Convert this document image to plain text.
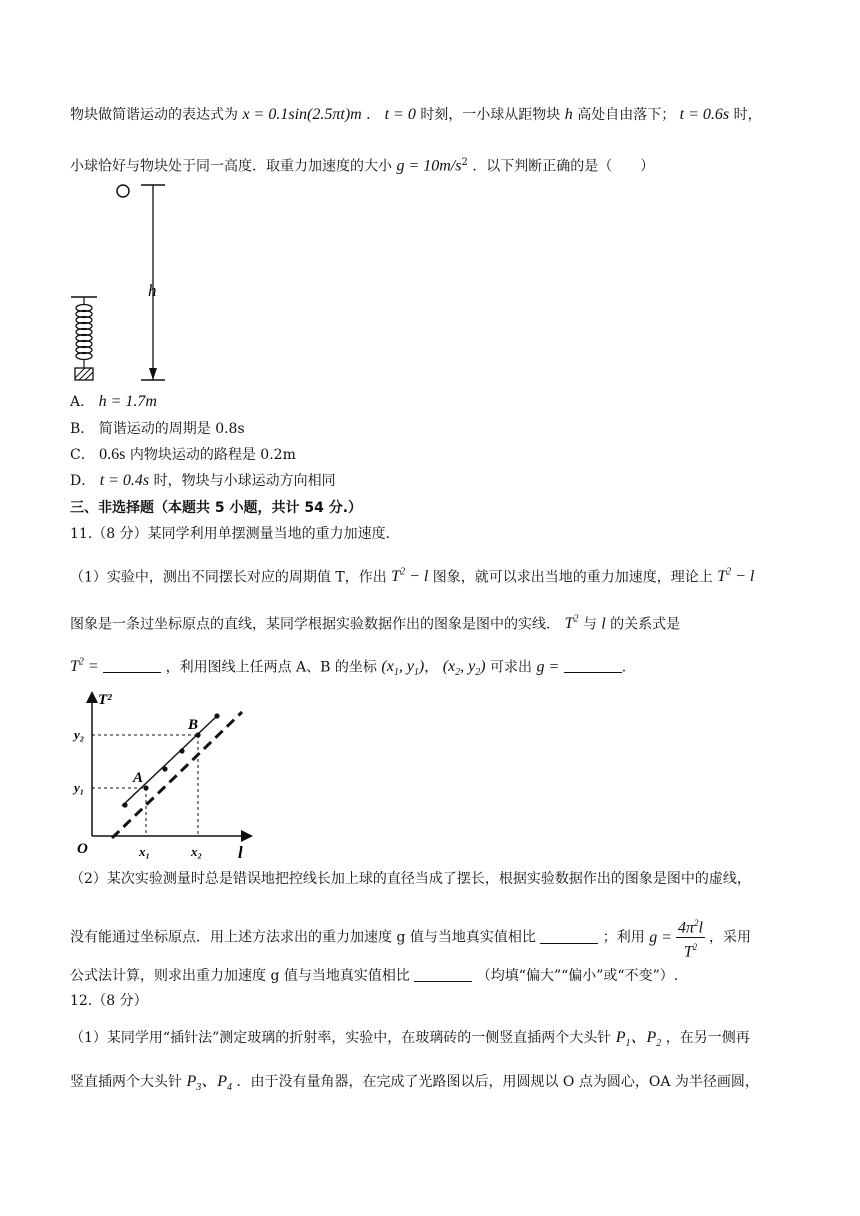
物块做简谐运动的表达式为 x = 0.1sin(2.5πt)m ． t = 0 时刻，一小球从距物块 h 高处自由落下； t = 0.6s 时，
小球恰好与物块处于同一高度．取重力加速度的大小 $g = 10m/s^2$ ．以下判断正确的是（　　）
h
A． h = 1.7m
B． 简谐运动的周期是 0.8s
C． 0.6s 内物块运动的路程是 0.2m
D． t = 0.4s 时，物块与小球运动方向相同
三、非选择题（本题共 5 小题，共计 54 分.）
11.（8 分）某同学利用单摆测量当地的重力加速度.
（1）实验中，测出不同摆长对应的周期值 T，作出 $T^2 - l$ 图象，就可以求出当地的重力加速度，理论上 $T^2 - l$
图象是一条过坐标原点的直线，某同学根据实验数据作出的图象是图中的实线． $T^2$ 与 l 的关系式是
$T^2$ =	，利用图线上任两点 A、B 的坐标 ($x_1$, $y_1$)， ($x_2$, $y_2$) 可求出 g =	.
T²
l
O
A
B
y₁
y₂
x₁	x₂
（2）某次实验测量时总是错误地把控线长加上球的直径当成了摆长，根据实验数据作出的图象是图中的虚线，
没有能通过坐标原点．用上述方法求出的重力加速度 g 值与当地真实值相比	；利用 $g = \frac{4\pi^2l}{T^2}$ ，采用
公式法计算，则求出重力加速度 g 值与当地真实值相比	（均填“偏大”“偏小”或“不变”）.
12.（8 分）
（1）某同学用“插针法”测定玻璃的折射率，实验中，在玻璃砖的一侧竖直插两个大头针 $P_1$、$P_2$ ，在另一侧再
竖直插两个大头针 $P_3$、$P_4$ ．由于没有量角器，在完成了光路图以后，用圆规以 O 点为圆心，OA 为半径画圆，
